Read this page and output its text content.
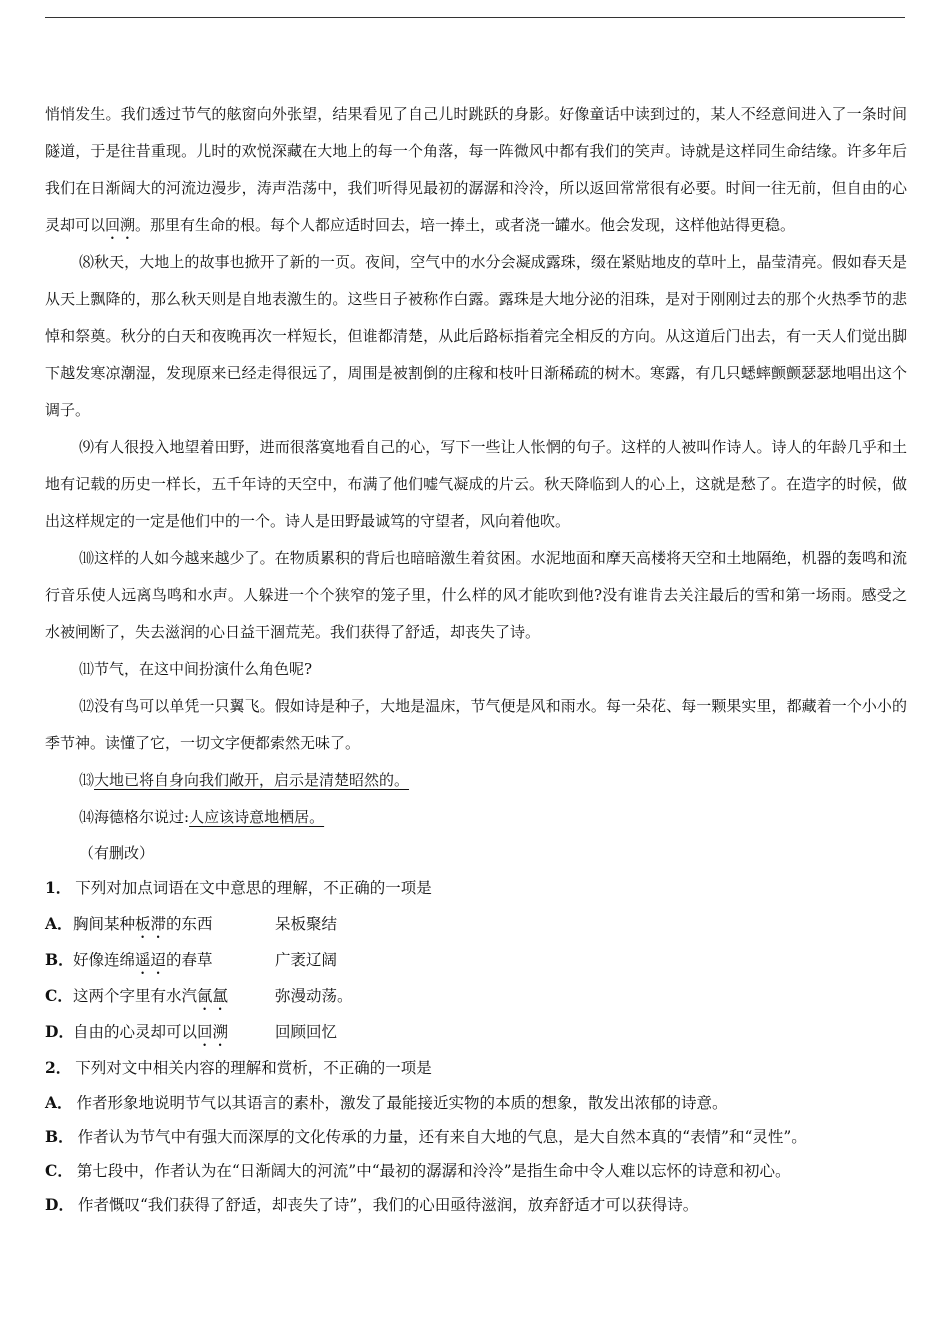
悄悄发生。我们透过节气的舷窗向外张望，结果看见了自己儿时跳跃的身影。好像童话中读到过的，某人不经意间进入了一条时间隧道，于是往昔重现。儿时的欢悦深藏在大地上的每一个角落，每一阵微风中都有我们的笑声。诗就是这样同生命结缘。许多年后我们在日渐阔大的河流边漫步，涛声浩荡中，我们听得见最初的潺潺和泠泠，所以返回常常很有必要。时间一往无前，但自由的心灵却可以回溯。那里有生命的根。每个人都应适时回去，培一捧土，或者浇一罐水。他会发现，这样他站得更稳。

⑻秋天，大地上的故事也掀开了新的一页。夜间，空气中的水分会凝成露珠，缀在紧贴地皮的草叶上，晶莹清亮。假如春天是从天上飘降的，那么秋天则是自地表激生的。这些日子被称作白露。露珠是大地分泌的泪珠，是对于刚刚过去的那个火热季节的悲悼和祭奠。秋分的白天和夜晚再次一样短长，但谁都清楚，从此后路标指着完全相反的方向。从这道后门出去，有一天人们觉出脚下越发寒凉潮湿，发现原来已经走得很远了，周围是被割倒的庄稼和枝叶日渐稀疏的树木。寒露，有几只蟋蟀颤颤瑟瑟地唱出这个调子。

⑼有人很投入地望着田野，进而很落寞地看自己的心，写下一些让人怅惘的句子。这样的人被叫作诗人。诗人的年龄几乎和土地有记载的历史一样长，五千年诗的天空中，布满了他们嘘气凝成的片云。秋天降临到人的心上，这就是愁了。在造字的时候，做出这样规定的一定是他们中的一个。诗人是田野最诚笃的守望者，风向着他吹。

⑽这样的人如今越来越少了。在物质累积的背后也暗暗激生着贫困。水泥地面和摩天高楼将天空和土地隔绝，机器的轰鸣和流行音乐使人远离鸟鸣和水声。人躲进一个个狭窄的笼子里，什么样的风才能吹到他?没有谁肯去关注最后的雪和第一场雨。感受之水被闸断了，失去滋润的心日益干涸荒芜。我们获得了舒适，却丧失了诗。

⑾节气，在这中间扮演什么角色呢?

⑿没有鸟可以单凭一只翼飞。假如诗是种子，大地是温床，节气便是风和雨水。每一朵花、每一颗果实里，都藏着一个小小的季节神。读懂了它，一切文字便都索然无味了。

⒀大地已将自身向我们敞开，启示是清楚昭然的。

⒁海德格尔说过:人应该诗意地栖居。

（有删改）
1． 下列对加点词语在文中意思的理解，不正确的一项是
A． 胸间某种板滞的东西	呆板聚结
B． 好像连绵遥迢的春草	广袤辽阔
C． 这两个字里有水汽氤氲	弥漫动荡。
D． 自由的心灵却可以回溯	回顾回忆
2． 下列对文中相关内容的理解和赏析，不正确的一项是
A． 作者形象地说明节气以其语言的素朴，激发了最能接近实物的本质的想象，散发出浓郁的诗意。
B． 作者认为节气中有强大而深厚的文化传承的力量，还有来自大地的气息，是大自然本真的“表情”和“灵性”。
C． 第七段中，作者认为在“日渐阔大的河流”中“最初的潺潺和泠泠”是指生命中令人难以忘怀的诗意和初心。
D． 作者慨叹“我们获得了舒适，却丧失了诗”，我们的心田亟待滋润，放弃舒适才可以获得诗。
